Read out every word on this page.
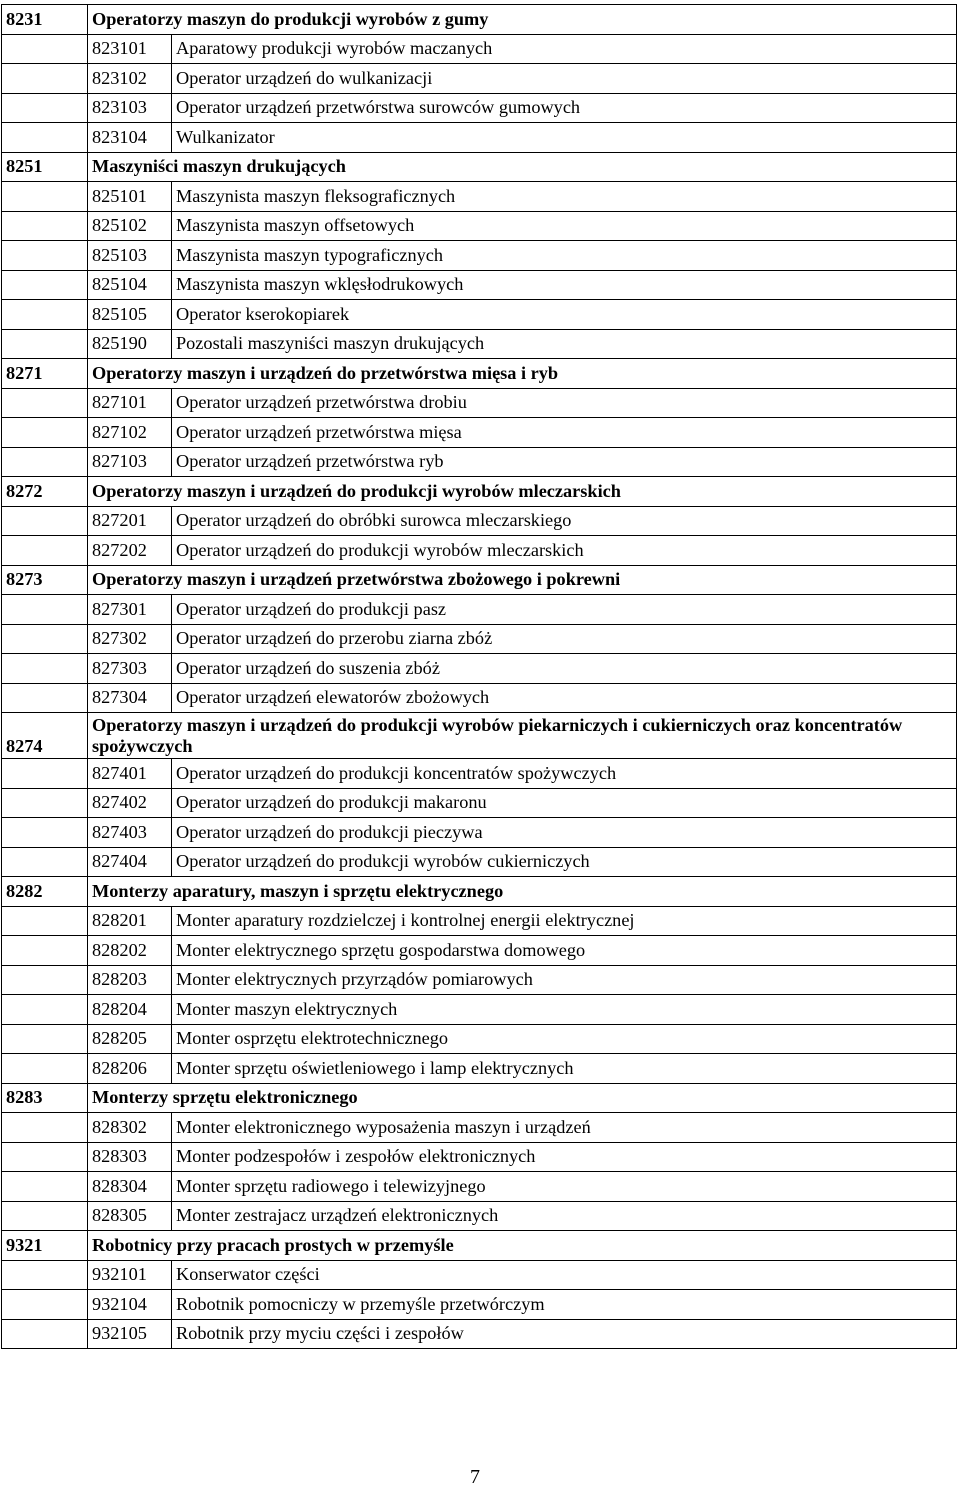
8231	Operatorzy maszyn do produkcji wyrobów z gumy	
	823101	Aparatowy produkcji wyrobów maczanych
	823102	Operator urządzeń do wulkanizacji
	823103	Operator urządzeń przetwórstwa surowców gumowych
	823104	Wulkanizator
8251	Maszyniści maszyn drukujących	
	825101	Maszynista maszyn fleksograficznych
	825102	Maszynista maszyn offsetowych
	825103	Maszynista maszyn typograficznych
	825104	Maszynista maszyn wklęsłodrukowych
	825105	Operator kserokopiarek
	825190	Pozostali maszyniści maszyn drukujących
8271	Operatorzy maszyn i urządzeń do przetwórstwa mięsa i ryb	
	827101	Operator urządzeń przetwórstwa drobiu
	827102	Operator urządzeń przetwórstwa mięsa
	827103	Operator urządzeń przetwórstwa ryb
8272	Operatorzy maszyn i urządzeń do produkcji wyrobów mleczarskich	
	827201	Operator urządzeń do obróbki surowca mleczarskiego
	827202	Operator urządzeń do produkcji wyrobów mleczarskich
8273	Operatorzy maszyn i urządzeń przetwórstwa zbożowego i pokrewni	
	827301	Operator urządzeń do produkcji pasz
	827302	Operator urządzeń do przerobu ziarna zbóż
	827303	Operator urządzeń do suszenia zbóż
	827304	Operator urządzeń elewatorów zbożowych
8274	Operatorzy maszyn i urządzeń do produkcji wyrobów piekarniczych i cukierniczych oraz koncentratów spożywczych	
	827401	Operator urządzeń do produkcji koncentratów spożywczych
	827402	Operator urządzeń do produkcji makaronu
	827403	Operator urządzeń do produkcji pieczywa
	827404	Operator urządzeń do produkcji wyrobów cukierniczych
8282	Monterzy aparatury, maszyn i sprzętu elektrycznego	
	828201	Monter aparatury rozdzielczej i kontrolnej energii elektrycznej
	828202	Monter elektrycznego sprzętu gospodarstwa domowego
	828203	Monter elektrycznych przyrządów pomiarowych
	828204	Monter maszyn elektrycznych
	828205	Monter osprzętu elektrotechnicznego
	828206	Monter sprzętu oświetleniowego i lamp elektrycznych
8283	Monterzy sprzętu elektronicznego	
	828302	Monter elektronicznego wyposażenia maszyn i urządzeń
	828303	Monter podzespołów i zespołów elektronicznych
	828304	Monter sprzętu radiowego i telewizyjnego
	828305	Monter zestrajacz urządzeń elektronicznych
9321	Robotnicy przy pracach prostych w przemyśle	
	932101	Konserwator części
	932104	Robotnik pomocniczy w przemyśle przetwórczym
	932105	Robotnik przy myciu części i zespołów
7
